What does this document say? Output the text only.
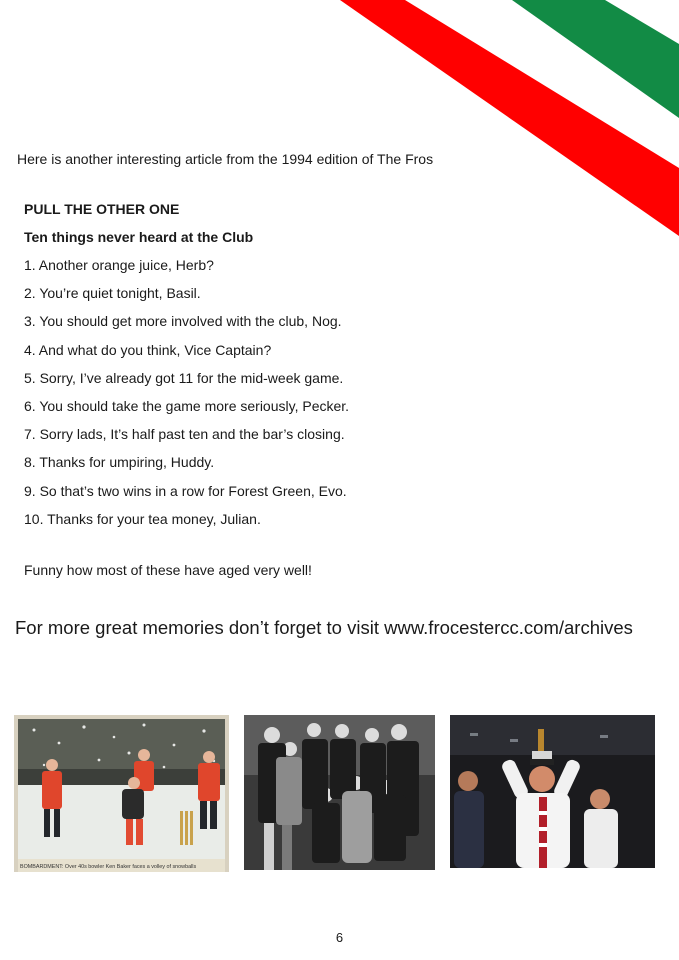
Here is another interesting article from the 1994 edition of The Fros

PULL THE OTHER ONE

Ten things never heard at the Club

1. Another orange juice, Herb?

2. You’re quiet tonight, Basil.

3. You should get more involved with the club, Nog.

4. And what do you think, Vice Captain?

5. Sorry, I’ve already got 11 for the mid-week game.

6. You should take the game more seriously, Pecker.

7. Sorry lads, It’s half past ten and the bar’s closing.

8. Thanks for umpiring, Huddy.

9. So that’s two wins in a row for Forest Green, Evo.

10. Thanks for your tea money, Julian.

Funny how most of these have aged very well!

For more great memories don’t forget to visit www.frocestercc.com/archives

BOMBARDMENT: Over 40s bowler Ken Baker faces a volley of snowballs

6
